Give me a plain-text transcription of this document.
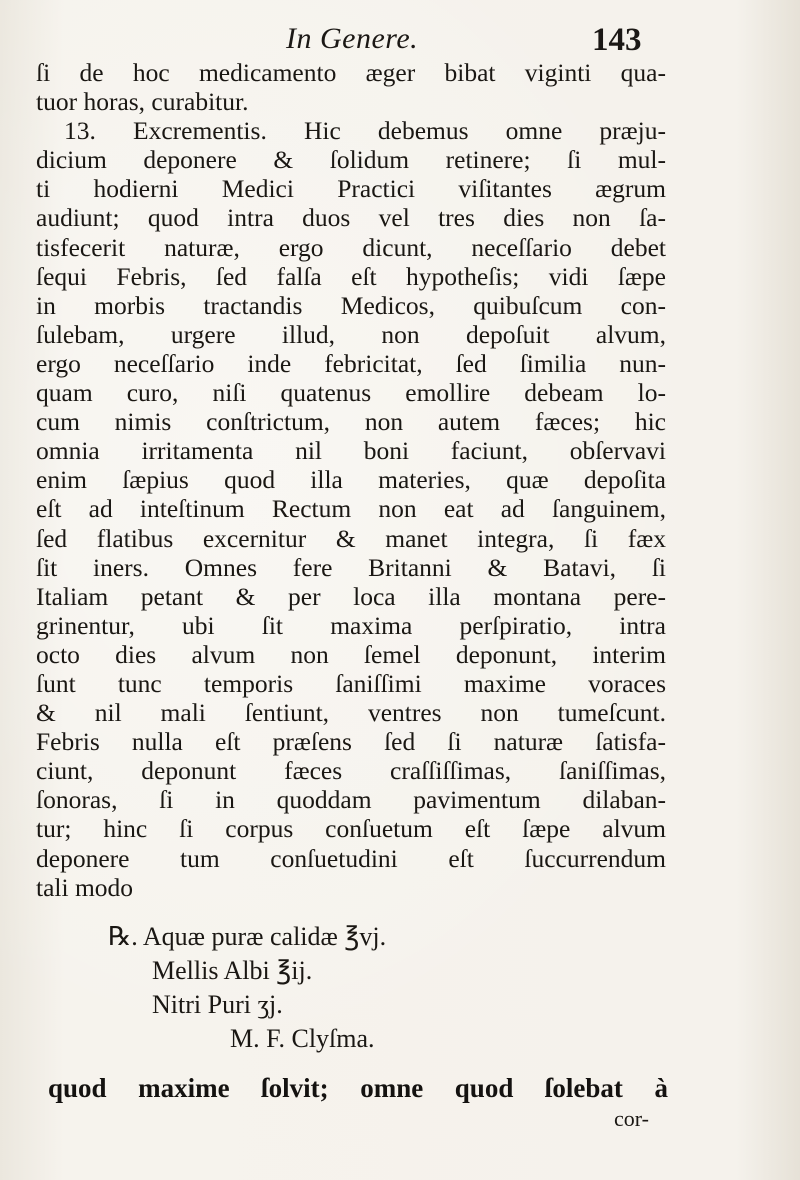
In Genere.	143
ſi de hoc medicamento æger bibat viginti qua-
tuor horas, curabitur.
13. Excrementis. Hic debemus omne præju-
dicium deponere & ſolidum retinere; ſi mul-
ti hodierni Medici Practici viſitantes ægrum
audiunt; quod intra duos vel tres dies non ſa-
tisfecerit naturæ, ergo dicunt, neceſſario debet
ſequi Febris, ſed falſa eſt hypotheſis; vidi ſæpe
in morbis tractandis Medicos, quibuſcum con-
ſulebam, urgere illud, non depoſuit alvum,
ergo neceſſario inde febricitat, ſed ſimilia nun-
quam curo, niſi quatenus emollire debeam lo-
cum nimis conſtrictum, non autem fæces; hic
omnia irritamenta nil boni faciunt, obſervavi
enim ſæpius quod illa materies, quæ depoſita
eſt ad inteſtinum Rectum non eat ad ſanguinem,
ſed flatibus excernitur & manet integra, ſi fæx
ſit iners. Omnes fere Britanni & Batavi, ſi
Italiam petant & per loca illa montana pere-
grinentur, ubi ſit maxima perſpiratio, intra
octo dies alvum non ſemel deponunt, interim
ſunt tunc temporis ſaniſſimi maxime voraces
& nil mali ſentiunt, ventres non tumeſcunt.
Febris nulla eſt præſens ſed ſi naturæ ſatisfa-
ciunt, deponunt fæces craſſiſſimas, ſaniſſimas,
ſonoras, ſi in quoddam pavimentum dilaban-
tur; hinc ſi corpus conſuetum eſt ſæpe alvum
deponere tum conſuetudini eſt ſuccurrendum
tali modo
℞. Aquæ puræ calidæ ℥vj.
Mellis Albi ℥ij.
Nitri Puri ʒj.
M. F. Clyſma.
quod maxime ſolvit; omne quod ſolebat à
cor-
